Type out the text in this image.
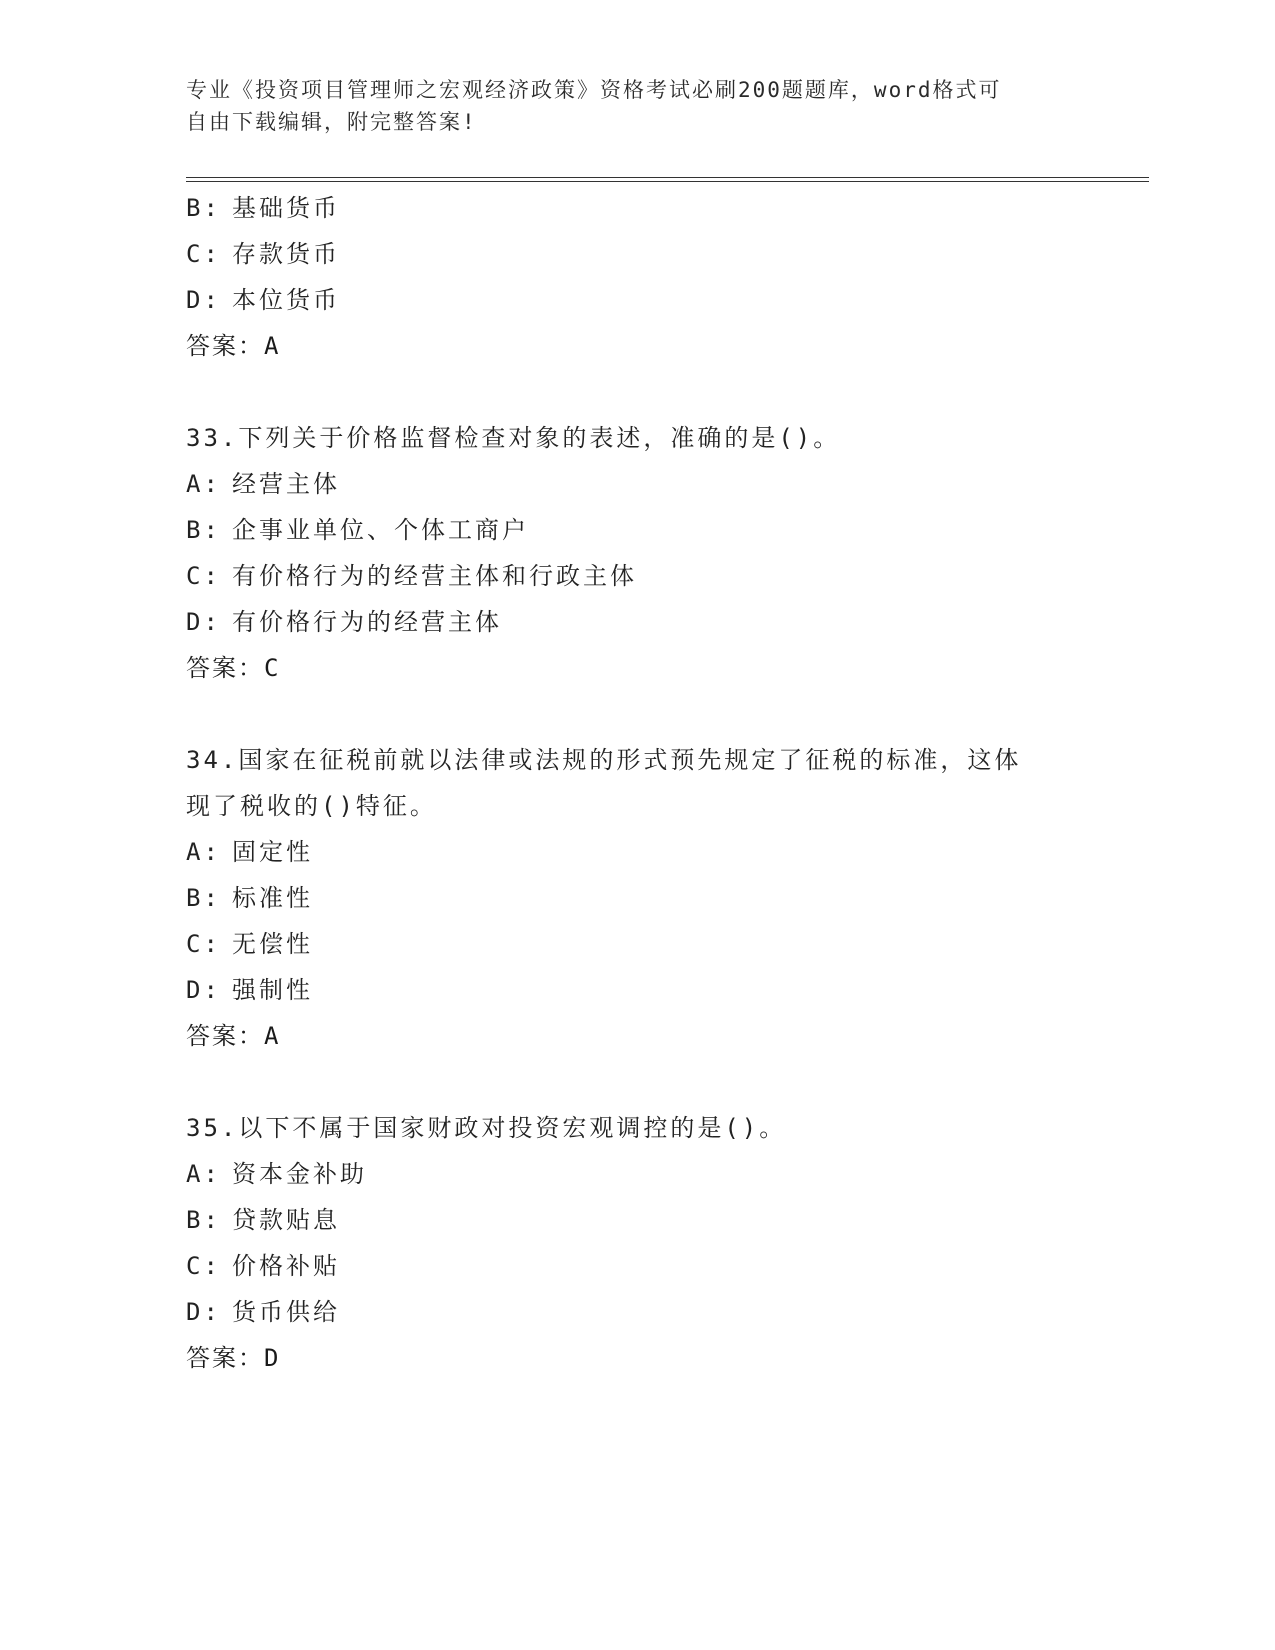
专业《投资项目管理师之宏观经济政策》资格考试必刷200题题库，word格式可
自由下载编辑，附完整答案!
B: 基础货币
C: 存款货币
D: 本位货币
答案：A
33.下列关于价格监督检查对象的表述，准确的是()。
A: 经营主体
B: 企事业单位、个体工商户
C: 有价格行为的经营主体和行政主体
D: 有价格行为的经营主体
答案：C
34.国家在征税前就以法律或法规的形式预先规定了征税的标准，这体
现了税收的()特征。
A: 固定性
B: 标准性
C: 无偿性
D: 强制性
答案：A
35.以下不属于国家财政对投资宏观调控的是()。
A: 资本金补助
B: 贷款贴息
C: 价格补贴
D: 货币供给
答案：D
